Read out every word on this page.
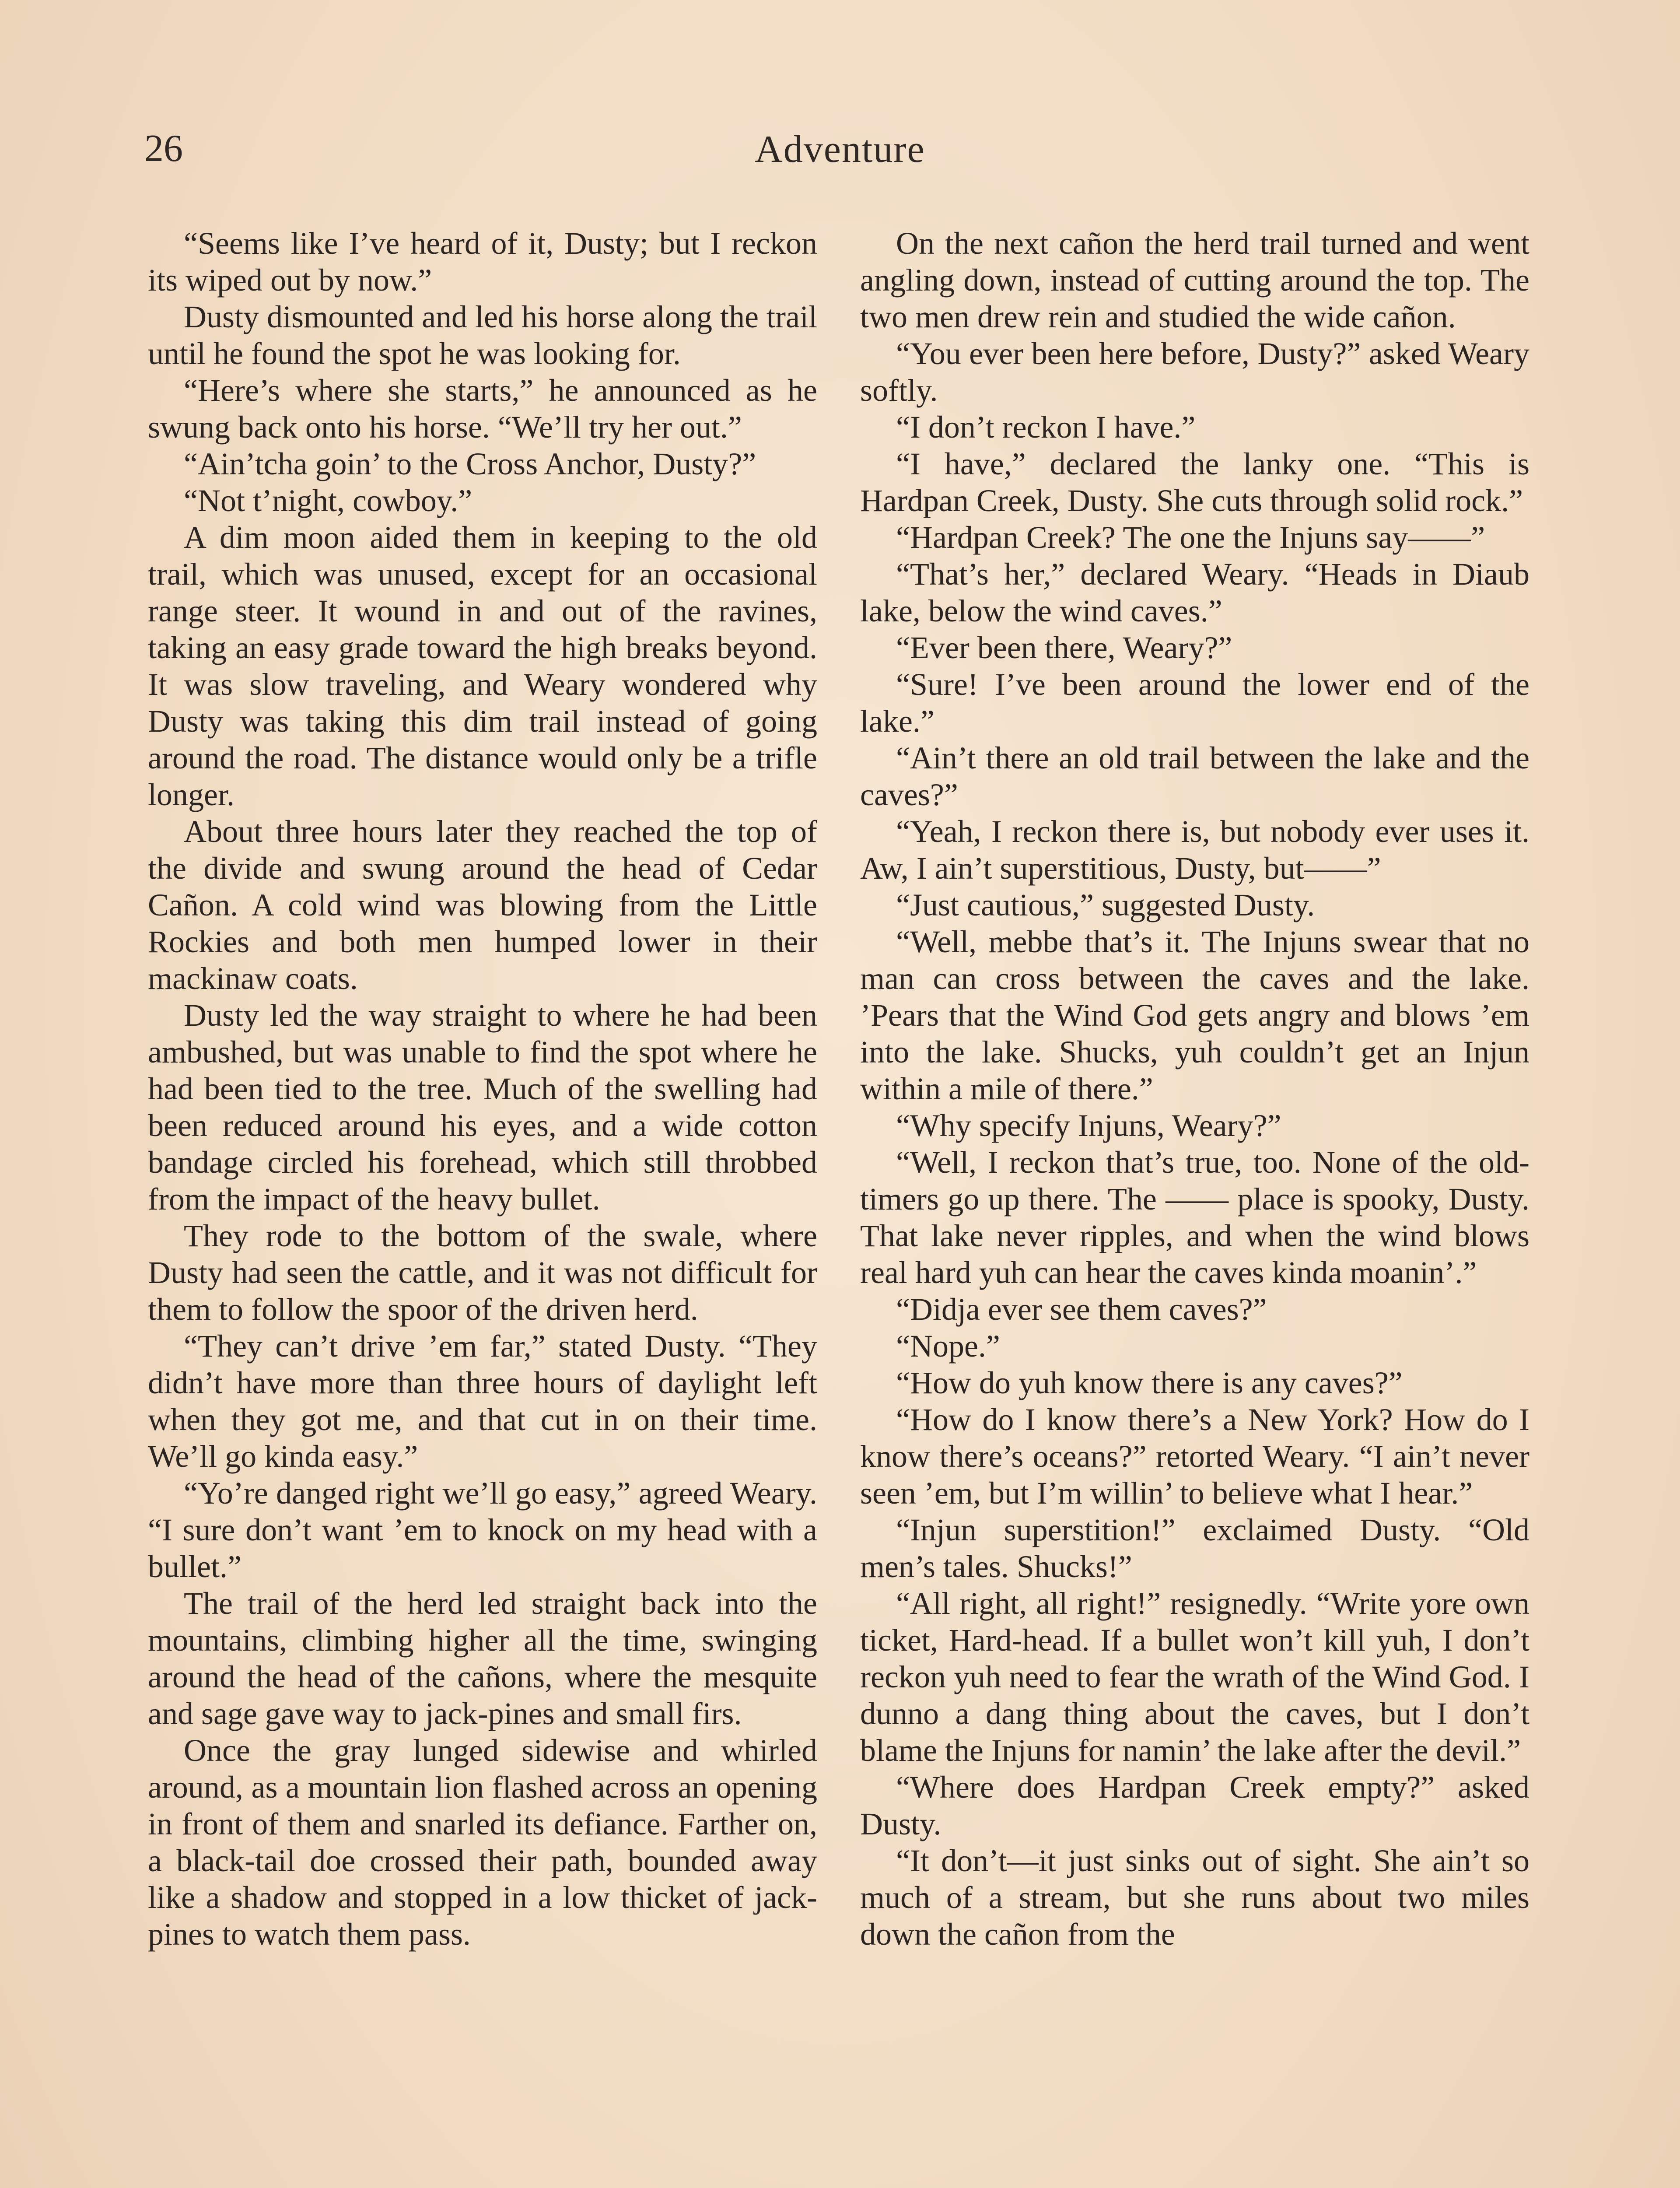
26	Adventure

“Seems like I’ve heard of it, Dusty; but I reckon its wiped out by now.”

Dusty dismounted and led his horse along the trail until he found the spot he was looking for.

“Here’s where she starts,” he announced as he swung back onto his horse. “We’ll try her out.”

“Ain’tcha goin’ to the Cross Anchor, Dusty?”

“Not t’night, cowboy.”

A dim moon aided them in keeping to the old trail, which was unused, except for an occasional range steer. It wound in and out of the ravines, taking an easy grade toward the high breaks beyond. It was slow traveling, and Weary wondered why Dusty was taking this dim trail instead of going around the road. The distance would only be a trifle longer.

About three hours later they reached the top of the divide and swung around the head of Cedar Cañon. A cold wind was blowing from the Little Rockies and both men humped lower in their mackinaw coats.

Dusty led the way straight to where he had been ambushed, but was unable to find the spot where he had been tied to the tree. Much of the swelling had been reduced around his eyes, and a wide cotton bandage circled his forehead, which still throbbed from the impact of the heavy bullet.

They rode to the bottom of the swale, where Dusty had seen the cattle, and it was not difficult for them to follow the spoor of the driven herd.

“They can’t drive ’em far,” stated Dusty. “They didn’t have more than three hours of daylight left when they got me, and that cut in on their time. We’ll go kinda easy.”

“Yo’re danged right we’ll go easy,” agreed Weary. “I sure don’t want ’em to knock on my head with a bullet.”

The trail of the herd led straight back into the mountains, climbing higher all the time, swinging around the head of the cañons, where the mesquite and sage gave way to jack-pines and small firs.

Once the gray lunged sidewise and whirled around, as a mountain lion flashed across an opening in front of them and snarled its defiance. Farther on, a black-tail doe crossed their path, bounded away like a shadow and stopped in a low thicket of jack-pines to watch them pass.

On the next cañon the herd trail turned and went angling down, instead of cutting around the top. The two men drew rein and studied the wide cañon.

“You ever been here before, Dusty?” asked Weary softly.

“I don’t reckon I have.”

“I have,” declared the lanky one. “This is Hardpan Creek, Dusty. She cuts through solid rock.”

“Hardpan Creek? The one the Injuns say——”

“That’s her,” declared Weary. “Heads in Diaub lake, below the wind caves.”

“Ever been there, Weary?”

“Sure! I’ve been around the lower end of the lake.”

“Ain’t there an old trail between the lake and the caves?”

“Yeah, I reckon there is, but nobody ever uses it. Aw, I ain’t superstitious, Dusty, but——”

“Just cautious,” suggested Dusty.

“Well, mebbe that’s it. The Injuns swear that no man can cross between the caves and the lake. ’Pears that the Wind God gets angry and blows ’em into the lake. Shucks, yuh couldn’t get an Injun within a mile of there.”

“Why specify Injuns, Weary?”

“Well, I reckon that’s true, too. None of the old-timers go up there. The —— place is spooky, Dusty. That lake never ripples, and when the wind blows real hard yuh can hear the caves kinda moanin’.”

“Didja ever see them caves?”

“Nope.”

“How do yuh know there is any caves?”

“How do I know there’s a New York? How do I know there’s oceans?” retorted Weary. “I ain’t never seen ’em, but I’m willin’ to believe what I hear.”

“Injun superstition!” exclaimed Dusty. “Old men’s tales. Shucks!”

“All right, all right!” resignedly. “Write yore own ticket, Hard-head. If a bullet won’t kill yuh, I don’t reckon yuh need to fear the wrath of the Wind God. I dunno a dang thing about the caves, but I don’t blame the Injuns for namin’ the lake after the devil.”

“Where does Hardpan Creek empty?” asked Dusty.

“It don’t—it just sinks out of sight. She ain’t so much of a stream, but she runs about two miles down the cañon from the
